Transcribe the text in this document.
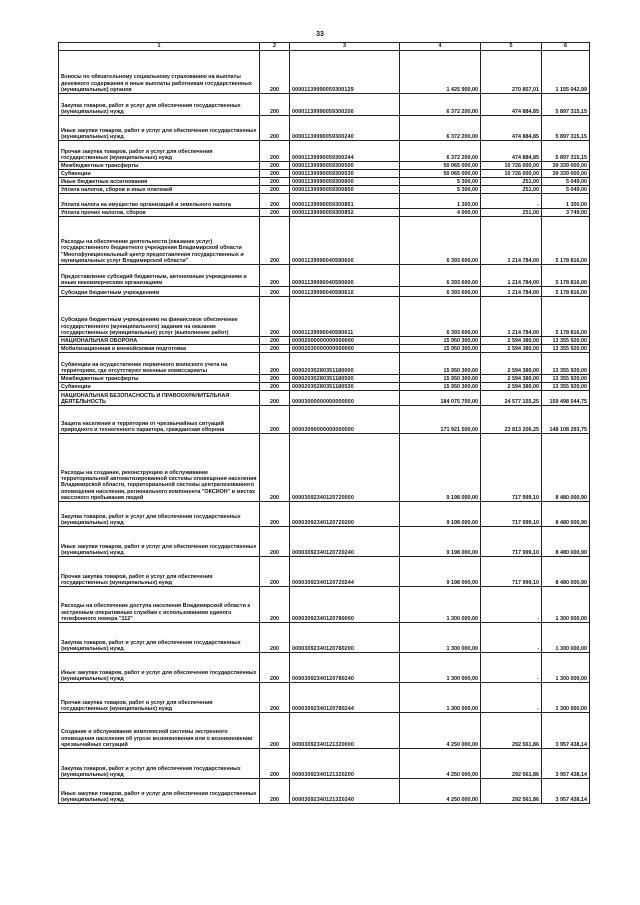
33
1	2	3	4	5	6
Взносы по обязательному социальному страхованию на выплаты денежного содержания и иные выплаты работникам государственных (муниципальных) органов	200	00001139990059300129	1 425 900,00	270 857,01	1 155 042,99
Закупка товаров, работ и услуг для обеспечения государственных (муниципальных) нужд	200	00001139990059300200	6 372 200,00	474 884,85	5 897 315,15
Иные закупки товаров, работ и услуг для обеспечения государственных (муниципальных) нужд	200	00001139990059300240	6 372 200,00	474 884,85	5 897 315,15
Прочая закупка товаров, работ и услуг для обеспечения государственных (муниципальных) нужд	200	00001139990059300244	6 372 200,00	474 884,85	5 897 315,15
Межбюджетные трансферты	200	00001139990059300500	50 065 000,00	10 726 000,00	39 339 000,00
Субвенции	200	00001139990059300530	50 065 000,00	10 726 000,00	39 339 000,00
Иные бюджетные ассигнования	200	00001139990059300800	5 300,00	251,00	5 049,00
Уплата налогов, сборов и иных платежей	200	00001139990059300850	5 300,00	251,00	5 049,00
Уплата налога на имущество организаций и земельного налога	200	00001139990059300851	1 300,00	-	1 300,00
Уплата прочих налогов, сборов	200	00001139990059300852	4 000,00	251,00	3 749,00
Расходы на обеспечение деятельности (оказание услуг) государственного бюджетного учреждения Владимирской области "Многофункциональный центр предоставления государственных и муниципальных услуг Владимирской области"	200	00001139990040590600	6 393 600,00	1 214 784,00	5 178 816,00
Предоставление субсидий бюджетным, автономным учреждениям и иным некоммерческим организациям	200	00001139990040590600	6 393 600,00	1 214 784,00	5 178 816,00
Субсидии бюджетным учреждениям	200	00001139990040590610	6 393 600,00	1 214 784,00	5 178 816,00
Субсидии бюджетным учреждениям на финансовое обеспечение государственного (муниципального) задания на оказание государственных (муниципальных) услуг (выполнение работ)	200	00001139990040590611	6 393 600,00	1 214 784,00	5 178 816,00
НАЦИОНАЛЬНАЯ ОБОРОНА	200	00002000000000000000	15 950 300,00	2 594 380,00	13 355 920,00
Мобилизационная и вневойсковая подготовка	200	00002030000000000000	15 950 300,00	2 594 380,00	13 355 920,00
Субвенции на осуществление первичного воинского учета на территориях, где отсутствуют военные комиссариаты	200	00002030280351180000	15 950 300,00	2 594 380,00	13 355 920,00
Межбюджетные трансферты	200	00002030280351180500	15 950 300,00	2 594 380,00	13 355 920,00
Субвенции	200	00002030280351180530	15 950 300,00	2 594 380,00	13 355 920,00
НАЦИОНАЛЬНАЯ БЕЗОПАСНОСТЬ И ПРАВООХРАНИТЕЛЬНАЯ ДЕЯТЕЛЬНОСТЬ	200	00003000000000000000	184 075 700,00	24 577 155,25	159 498 544,75
Защита населения и территории от чрезвычайных ситуаций природного и техногенного характера, гражданская оборона	200	00003090000000000000	171 921 500,00	23 813 206,25	148 108 293,75
Расходы на создание, реконструкцию и обслуживание территориальной автоматизированной системы оповещения населения Владимирской области, территориальной системы централизованного оповещения населения, регионального компонента "ОКСИОН" в местах массового пребывания людей	200	00003092340120720000	9 198 000,00	717 999,10	8 480 000,90
Закупка товаров, работ и услуг для обеспечения государственных (муниципальных) нужд	200	00003092340120720200	9 198 000,00	717 999,10	8 480 000,90
Иные закупки товаров, работ и услуг для обеспечения государственных (муниципальных) нужд	200	00003092340120720240	9 198 000,00	717 999,10	8 480 000,90
Прочая закупка товаров, работ и услуг для обеспечения государственных (муниципальных) нужд	200	00003092340120720244	9 198 000,00	717 999,10	8 480 000,90
Расходы на обеспечение доступа населения Владимирской области к экстренным оперативным службам с использованием единого телефонного номера "112"	200	00003092340120780000	1 300 000,00	-	1 300 000,00
Закупка товаров, работ и услуг для обеспечения государственных (муниципальных) нужд	200	00003092340120780200	1 300 000,00	-	1 300 000,00
Иные закупки товаров, работ и услуг для обеспечения государственных (муниципальных) нужд	200	00003092340120780240	1 300 000,00	-	1 300 000,00
Прочая закупка товаров, работ и услуг для обеспечения государственных (муниципальных) нужд	200	00003092340120780244	1 300 000,00	-	1 300 000,00
Создание и обслуживание комплексной системы экстренного оповещения населения об угрозе возникновения или о возникновении чрезвычайных ситуаций	200	00003092340121320000	4 250 000,00	292 561,86	3 957 438,14
Закупка товаров, работ и услуг для обеспечения государственных (муниципальных) нужд	200	00003092340121320200	4 250 000,00	292 561,86	3 957 438,14
Иные закупки товаров, работ и услуг для обеспечения государственных (муниципальных) нужд	200	00003092340121320240	4 250 000,00	292 561,86	3 957 438,14
